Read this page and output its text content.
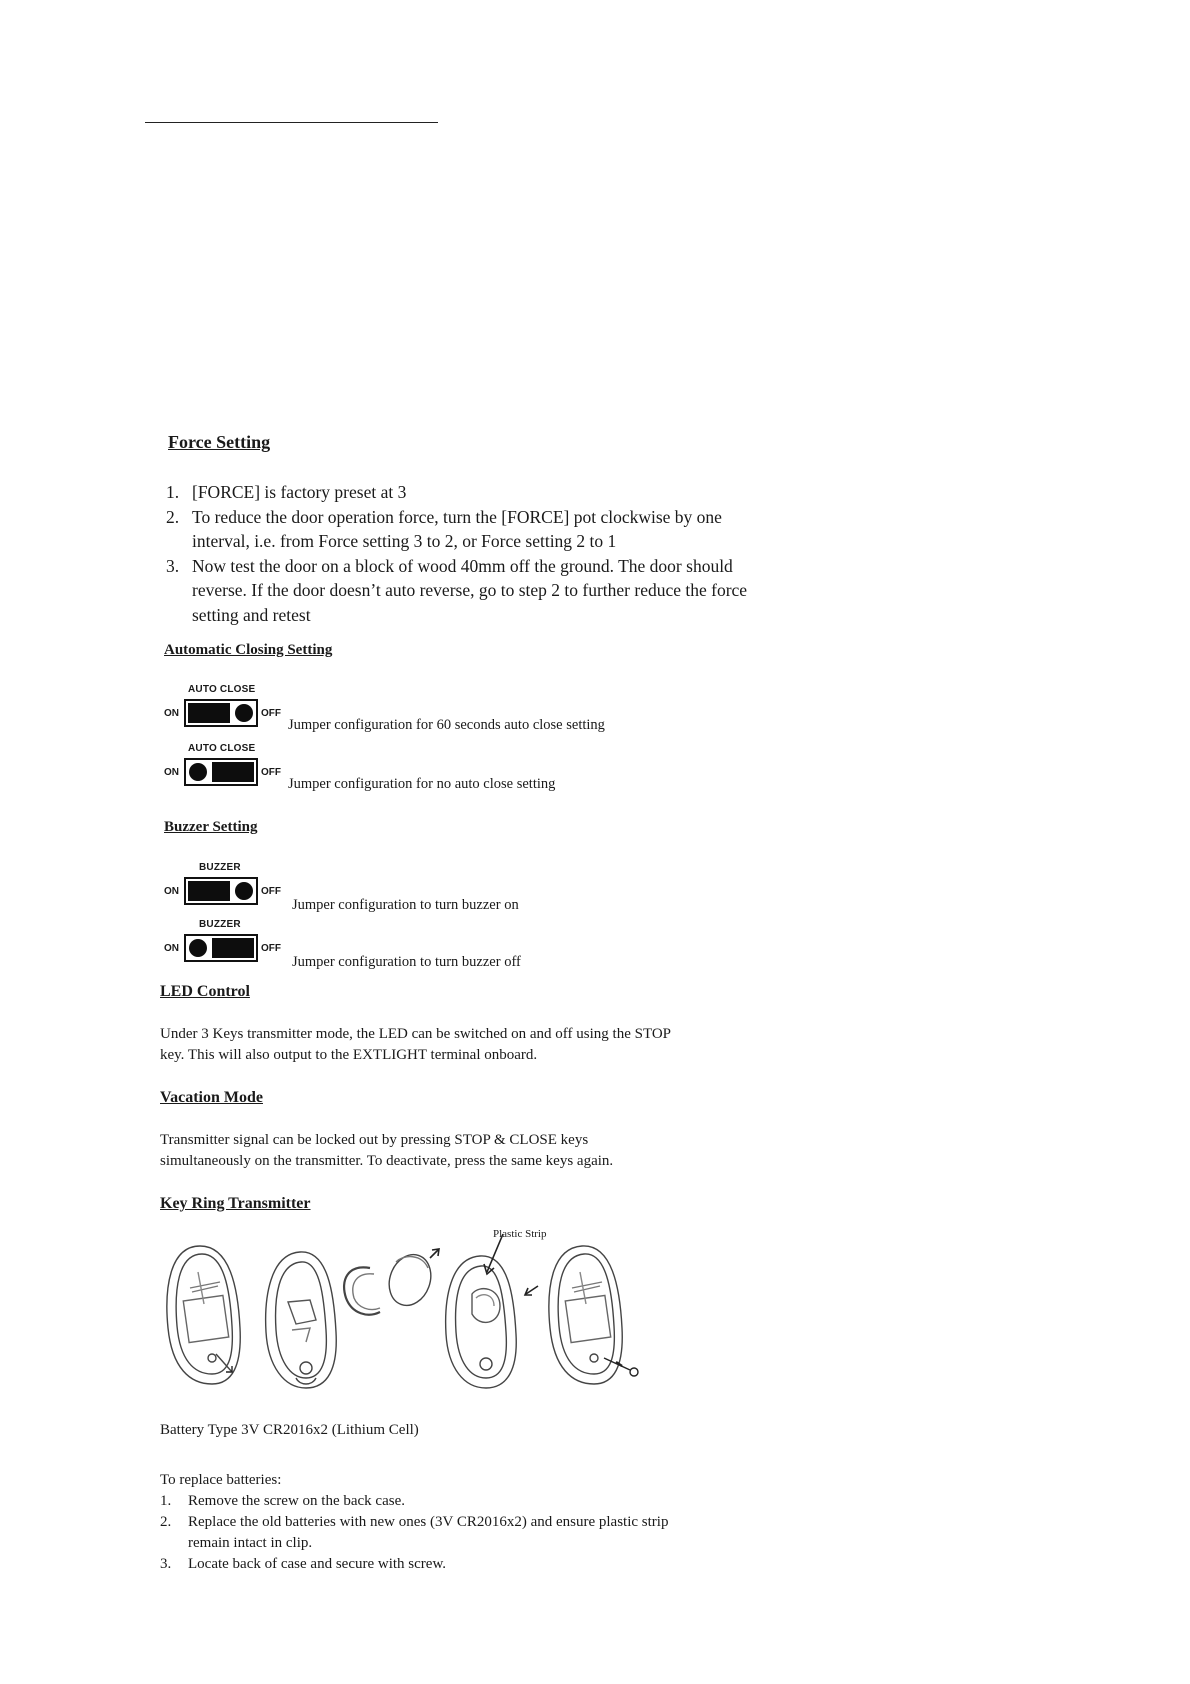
Force Setting
1. [FORCE] is factory preset at 3
2. To reduce the door operation force, turn the [FORCE] pot clockwise by one
interval, i.e. from Force setting 3 to 2, or Force setting 2 to 1
3. Now test the door on a block of wood 40mm off the ground. The door should
reverse. If the door doesn’t auto reverse, go to step 2 to further reduce the force
setting and retest
Automatic Closing Setting
AUTO CLOSE
ON	OFF
Jumper configuration for 60 seconds auto close setting
AUTO CLOSE
ON	OFF
Jumper configuration for no auto close setting
Buzzer Setting
BUZZER
ON	OFF
Jumper configuration to turn buzzer on
BUZZER
ON	OFF
Jumper configuration to turn buzzer off
LED Control
Under 3 Keys transmitter mode, the LED can be switched on and off using the STOP
key. This will also output to the EXTLIGHT terminal onboard.
Vacation Mode
Transmitter signal can be locked out by pressing STOP & CLOSE keys
simultaneously on the transmitter. To deactivate, press the same keys again.
Key Ring Transmitter
Plastic Strip
Battery Type 3V CR2016x2 (Lithium Cell)
To replace batteries:
1.	Remove the screw on the back case.
2.	Replace the old batteries with new ones (3V CR2016x2) and ensure plastic strip
remain intact in clip.
3.	Locate back of case and secure with screw.
